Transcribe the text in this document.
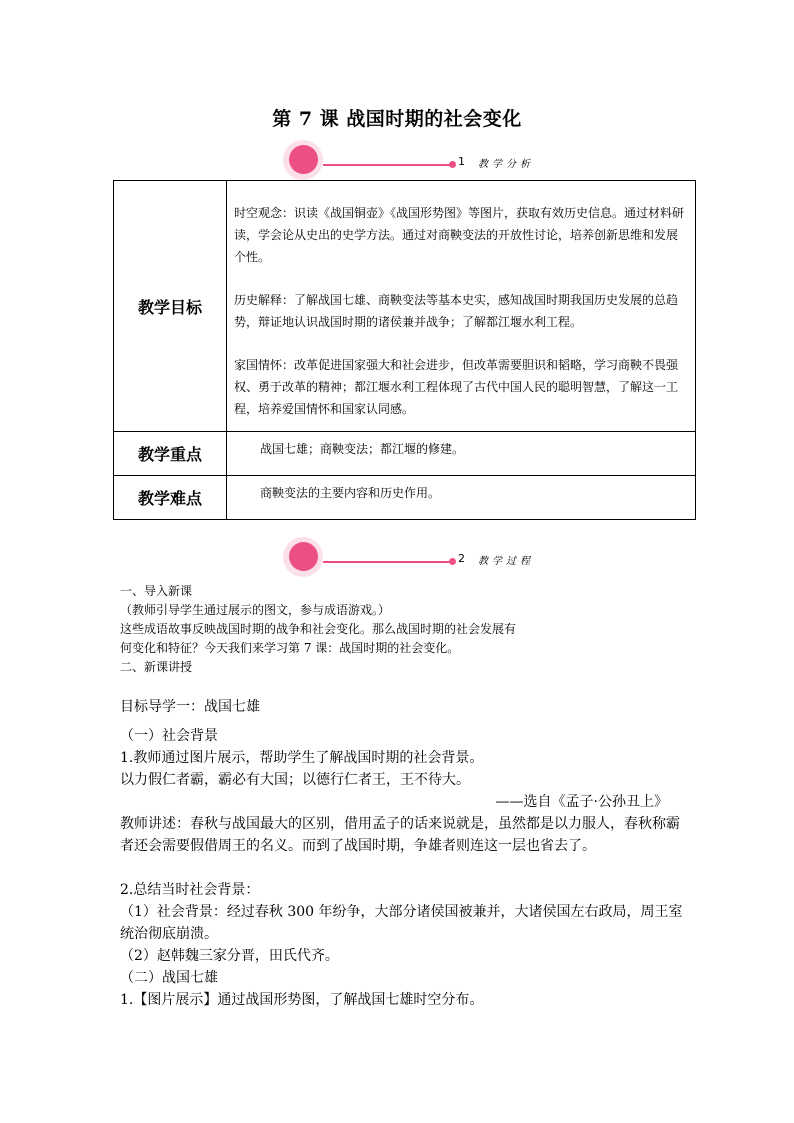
第 7 课 战国时期的社会变化
1 教学分析
教学目标	时空观念：识读《战国铜壶》《战国形势图》等图片，获取有效历史信息。通过材料研读，学会论从史出的史学方法。通过对商鞅变法的开放性讨论，培养创新思维和发展个性。

历史解释：了解战国七雄、商鞅变法等基本史实，感知战国时期我国历史发展的总趋势，辩证地认识战国时期的诸侯兼并战争；了解都江堰水利工程。

家国情怀：改革促进国家强大和社会进步，但改革需要胆识和韬略，学习商鞅不畏强权、勇于改革的精神；都江堰水利工程体现了古代中国人民的聪明智慧，了解这一工程，培养爱国情怀和国家认同感。

教学重点	战国七雄；商鞅变法；都江堰的修建。

教学难点	商鞅变法的主要内容和历史作用。
2 教学过程

一、导入新课

（教师引导学生通过展示的图文，参与成语游戏。）

这些成语故事反映战国时期的战争和社会变化。那么战国时期的社会发展有

何变化和特征？今天我们来学习第 7 课：战国时期的社会变化。

二、新课讲授

目标导学一：战国七雄

（一）社会背景

1.教师通过图片展示，帮助学生了解战国时期的社会背景。

以力假仁者霸，霸必有大国；以德行仁者王，王不待大。

——选自《孟子·公孙丑上》

教师讲述：春秋与战国最大的区别，借用孟子的话来说就是，虽然都是以力服人，春秋称霸者还会需要假借周王的名义。而到了战国时期，争雄者则连这一层也省去了。

2.总结当时社会背景：

（1）社会背景：经过春秋 300 年纷争，大部分诸侯国被兼并，大诸侯国左右政局，周王室统治彻底崩溃。

（2）赵韩魏三家分晋，田氏代齐。

（二）战国七雄

1.【图片展示】通过战国形势图，了解战国七雄时空分布。
